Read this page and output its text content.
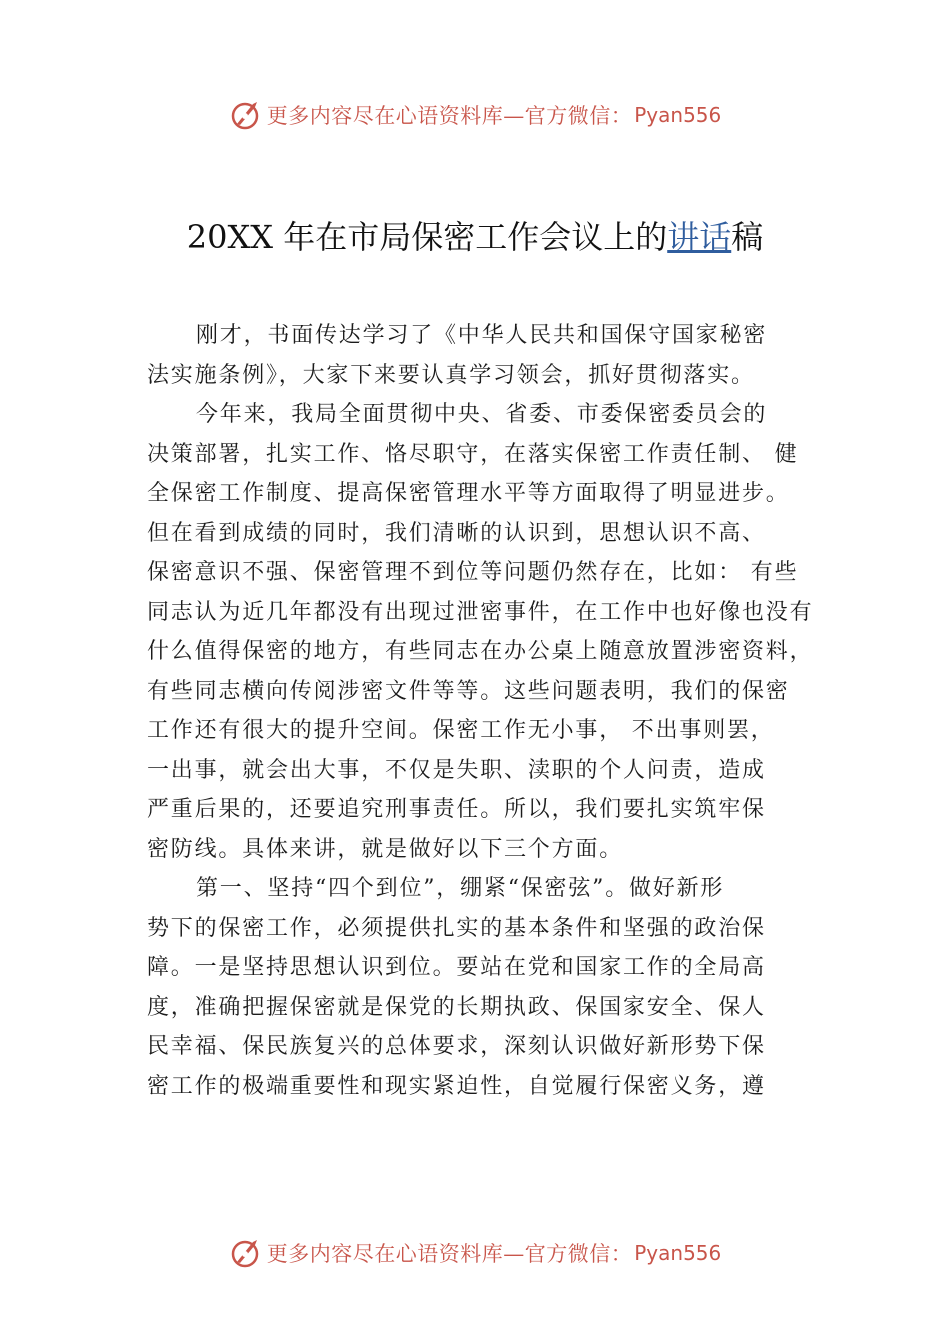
更多内容尽在心语资料库—官方微信： Pyan556
20XX 年在市局保密工作会议上的讲话稿
刚才，书面传达学习了《中华人民共和国保守国家秘密
法实施条例》，大家下来要认真学习领会，抓好贯彻落实。
今年来，我局全面贯彻中央、省委、市委保密委员会的
决策部署，扎实工作、恪尽职守，在落实保密工作责任制、 健
全保密工作制度、提高保密管理水平等方面取得了明显进步。
但在看到成绩的同时，我们清晰的认识到，思想认识不高、
保密意识不强、保密管理不到位等问题仍然存在，比如： 有些
同志认为近几年都没有出现过泄密事件，在工作中也好像也没有
什么值得保密的地方，有些同志在办公桌上随意放置涉密资料，
有些同志横向传阅涉密文件等等。这些问题表明，我们的保密
工作还有很大的提升空间。保密工作无小事， 不出事则罢，
一出事，就会出大事，不仅是失职、渎职的个人问责，造成
严重后果的，还要追究刑事责任。所以，我们要扎实筑牢保
密防线。具体来讲，就是做好以下三个方面。
第一、坚持“四个到位”，绷紧“保密弦”。做好新形
势下的保密工作，必须提供扎实的基本条件和坚强的政治保
障。一是坚持思想认识到位。要站在党和国家工作的全局高
度，准确把握保密就是保党的长期执政、保国家安全、保人
民幸福、保民族复兴的总体要求，深刻认识做好新形势下保
密工作的极端重要性和现实紧迫性，自觉履行保密义务，遵
更多内容尽在心语资料库—官方微信： Pyan556
